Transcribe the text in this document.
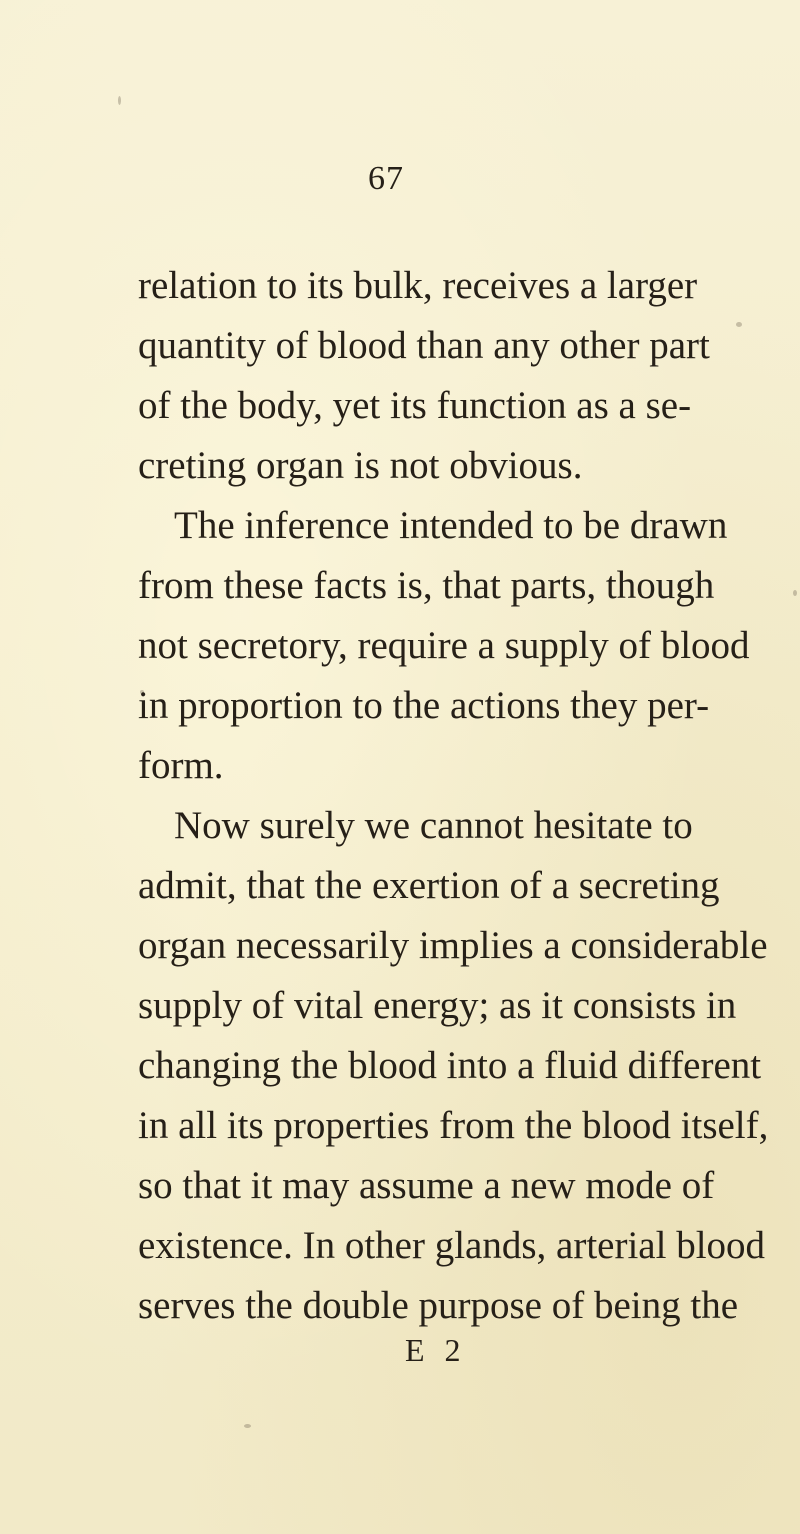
67
relation to its bulk, receives a larger
quantity of blood than any other part
of the body, yet its function as a se-
creting organ is not obvious.
The inference intended to be drawn
from these facts is, that parts, though
not secretory, require a supply of blood
in proportion to the actions they per-
form.
Now surely we cannot hesitate to
admit, that the exertion of a secreting
organ necessarily implies a considerable
supply of vital energy; as it consists in
changing the blood into a fluid different
in all its properties from the blood itself,
so that it may assume a new mode of
existence. In other glands, arterial blood
serves the double purpose of being the
E 2
